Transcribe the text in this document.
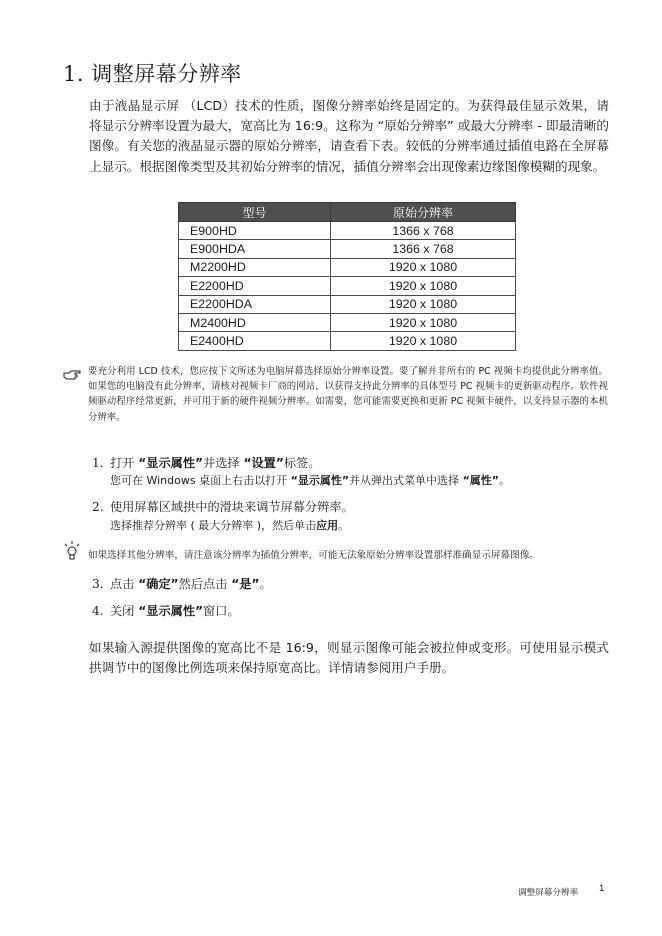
1. 调整屏幕分辨率

由于液晶显示屏 （LCD）技术的性质，图像分辨率始终是固定的。为获得最佳显示效果，请将显示分辨率设置为最大，宽高比为 16:9。这称为 “原始分辨率” 或最大分辨率 - 即最清晰的图像。有关您的液晶显示器的原始分辨率，请查看下表。较低的分辨率通过插值电路在全屏幕上显示。根据图像类型及其初始分辨率的情况，插值分辨率会出现像素边缘图像模糊的现象。

型号	原始分辨率
E900HD	1366 x 768
E900HDA	1366 x 768
M2200HD	1920 x 1080
E2200HD	1920 x 1080
E2200HDA	1920 x 1080
M2400HD	1920 x 1080
E2400HD	1920 x 1080

要充分利用 LCD 技术，您应按下文所述为电脑屏幕选择原始分辨率设置。要了解并非所有的 PC 视频卡均提供此分辨率值。如果您的电脑没有此分辨率，请核对视频卡厂商的网站，以获得支持此分辨率的具体型号 PC 视频卡的更新驱动程序。软件视频驱动程序经常更新，并可用于新的硬件视频分辨率。如需要，您可能需要更换和更新 PC 视频卡硬件，以支持显示器的本机分辨率。

1. 打开 “显示属性”并选择 “设置”标签。

您可在 Windows 桌面上右击以打开 “显示属性”并从弹出式菜单中选择 “属性”。

2. 使用屏幕区域拱中的滑块来调节屏幕分辨率。

选择推荐分辨率 ( 最大分辨率 )，然后单击应用。

如果选择其他分辨率，请注意该分辨率为插值分辨率，可能无法象原始分辨率设置那样准确显示屏幕图像。

3. 点击 “确定”然后点击 “是”。

4. 关闭 “显示属性”窗口。

如果输入源提供图像的宽高比不是 16:9，则显示图像可能会被拉伸或变形。可使用显示模式拱调节中的图像比例选项来保持原宽高比。详情请参阅用户手册。

调整屏幕分辨率 1
